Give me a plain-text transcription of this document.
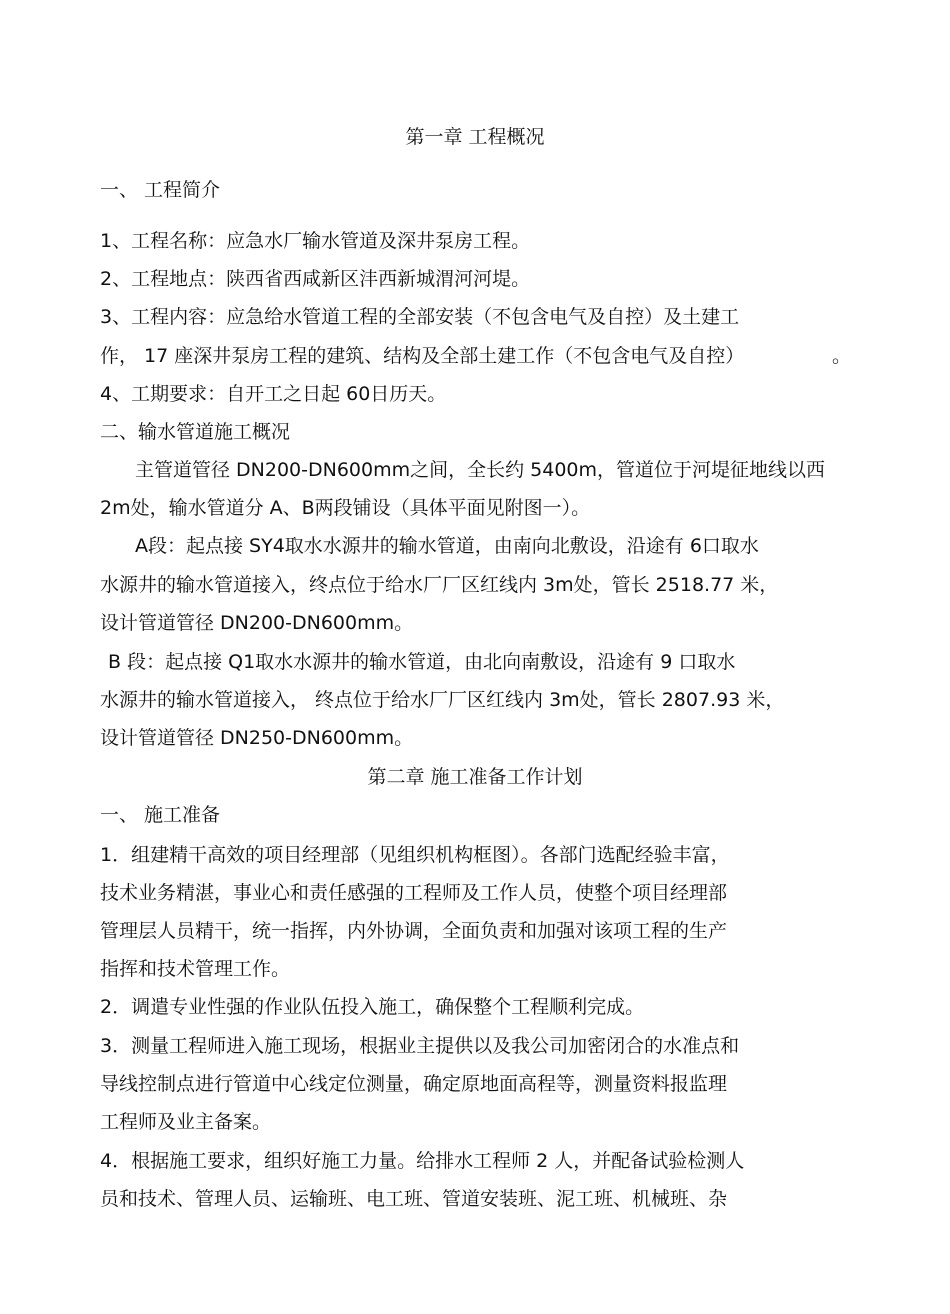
第一章 工程概况
一、 工程简介
1、工程名称：应急水厂输水管道及深井泵房工程。
2、工程地点：陕西省西咸新区沣西新城渭河河堤。
3、工程内容：应急给水管道工程的全部安装（不包含电气及自控）及土建工
作， 17 座深井泵房工程的建筑、结构及全部土建工作（不包含电气及自控）	。
4、工期要求：自开工之日起 60日历天。
二、输水管道施工概况
主管道管径 DN200-DN600mm之间，全长约 5400m，管道位于河堤征地线以西
2m处，输水管道分 A、B两段铺设（具体平面见附图一）。
A段：起点接 SY4取水水源井的输水管道，由南向北敷设，沿途有 6口取水
水源井的输水管道接入，终点位于给水厂厂区红线内 3m处，管长 2518.77 米，
设计管道管径 DN200-DN600mm。
B 段：起点接 Q1取水水源井的输水管道，由北向南敷设，沿途有 9 口取水
水源井的输水管道接入， 终点位于给水厂厂区红线内 3m处，管长 2807.93 米，
设计管道管径 DN250-DN600mm。
第二章 施工准备工作计划
一、 施工准备
1．组建精干高效的项目经理部（见组织机构框图）。各部门选配经验丰富，
技术业务精湛，事业心和责任感强的工程师及工作人员，使整个项目经理部
管理层人员精干，统一指挥，内外协调，全面负责和加强对该项工程的生产
指挥和技术管理工作。
2．调遣专业性强的作业队伍投入施工，确保整个工程顺利完成。
3．测量工程师进入施工现场，根据业主提供以及我公司加密闭合的水准点和
导线控制点进行管道中心线定位测量，确定原地面高程等，测量资料报监理
工程师及业主备案。
4．根据施工要求，组织好施工力量。给排水工程师 2 人，并配备试验检测人
员和技术、管理人员、运输班、电工班、管道安装班、泥工班、机械班、杂
